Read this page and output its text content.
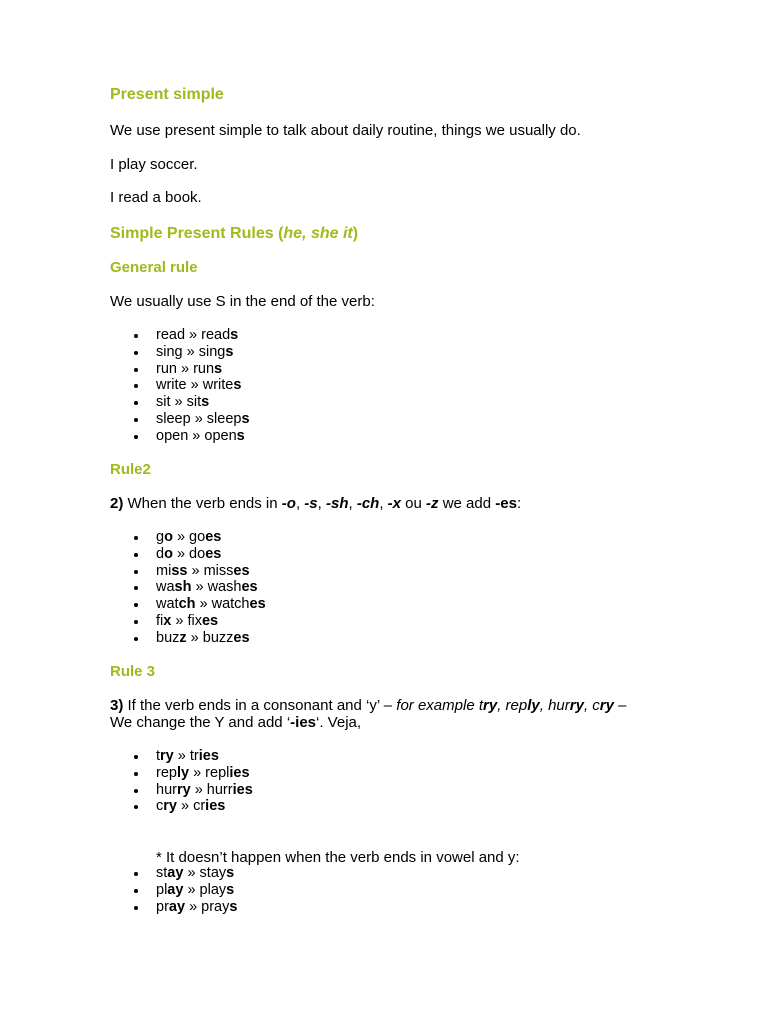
Present simple

We use present simple to talk about daily routine, things we usually do.

I play soccer.

I read a book.

Simple Present Rules (he, she it)
General rule

We usually use S in the end of the verb:

read » reads
sing » sings
run » runs
write » writes
sit » sits
sleep » sleeps
open » opens
Rule2

2) When the verb ends in -o, -s, -sh, -ch, -x ou -z we add -es:

go » goes
do » does
miss » misses
wash » washes
watch » watches
fix » fixes
buzz » buzzes
Rule 3

3) If the verb ends in a consonant and ‘y’ – for example try, reply, hurry, cry –

We change the Y and add ‘-ies‘. Veja,

try » tries
reply » replies
hurry » hurries
cry » cries

* It doesn’t happen when the verb ends in vowel and y:

stay » stays
play » plays
pray » prays
